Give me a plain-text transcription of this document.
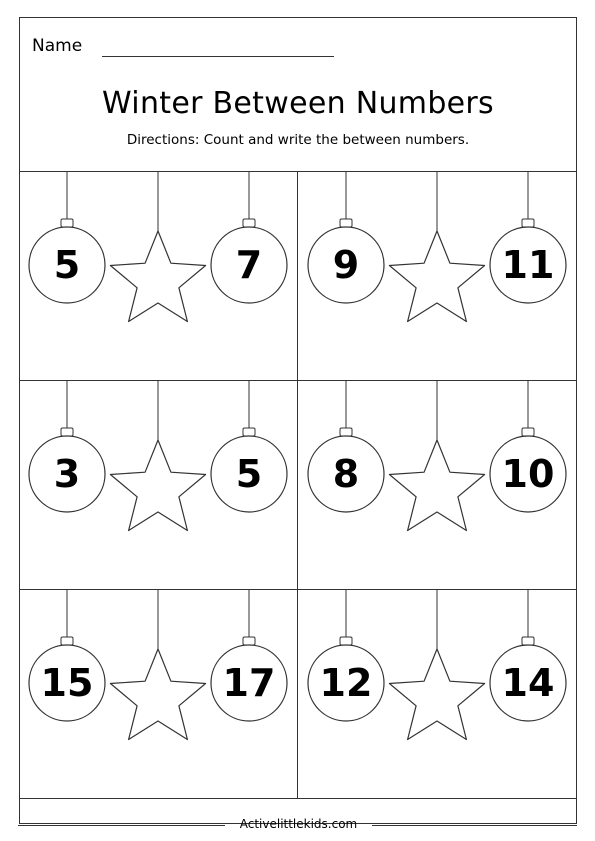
Name
Winter Between Numbers
Directions: Count and write the between numbers.
5	7	9	11
3	5	8	10
15	17	12	14
Activelittlekids.com
